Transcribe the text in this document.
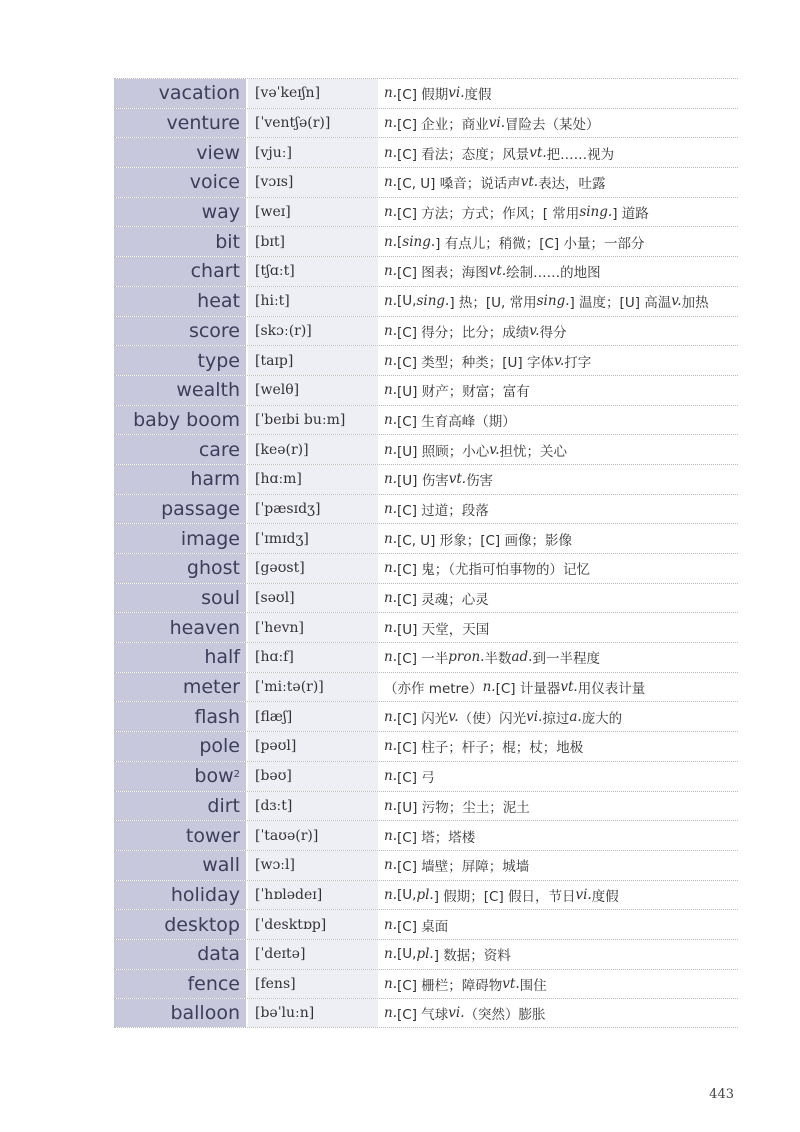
vacation	[vəˈkeɪʃn]	n. [C] 假期 vi. 度假
venture	[ˈventʃə(r)]	n. [C] 企业；商业 vi. 冒险去（某处）
view	[vjuː]	n. [C] 看法；态度；风景 vt. 把……视为
voice	[vɔɪs]	n. [C, U] 嗓音；说话声 vt. 表达，吐露
way	[weɪ]	n. [C] 方法；方式；作风；[ 常用 sing. ] 道路
bit	[bɪt]	n. [ sing. ] 有点儿；稍微；[C] 小量；一部分
chart	[tʃɑːt]	n. [C] 图表；海图 vt. 绘制……的地图
heat	[hiːt]	n. [U, sing. ] 热；[U, 常用 sing. ] 温度；[U] 高温 v. 加热
score	[skɔː(r)]	n. [C] 得分；比分；成绩 v. 得分
type	[taɪp]	n. [C] 类型；种类；[U] 字体 v. 打字
wealth	[welθ]	n. [U] 财产；财富；富有
baby boom	[ˈbeɪbi buːm]	n. [C] 生育高峰（期）
care	[keə(r)]	n. [U] 照顾；小心 v. 担忧；关心
harm	[hɑːm]	n. [U] 伤害 vt. 伤害
passage	[ˈpæsɪdʒ]	n. [C] 过道；段落
image	[ˈɪmɪdʒ]	n. [C, U] 形象；[C] 画像；影像
ghost	[gəʊst]	n. [C] 鬼；（尤指可怕事物的）记忆
soul	[səʊl]	n. [C] 灵魂；心灵
heaven	[ˈhevn]	n. [U] 天堂，天国
half	[hɑːf]	n. [C] 一半 pron. 半数 ad. 到一半程度
meter	[ˈmiːtə(r)]	（亦作 metre） n. [C] 计量器 vt. 用仪表计量
flash	[flæʃ]	n. [C] 闪光 v. （使）闪光 vi. 掠过 a. 庞大的
pole	[pəʊl]	n. [C] 柱子；杆子；棍；杖；地极
bow$^2$	[bəʊ]	n. [C] 弓
dirt	[dɜːt]	n. [U] 污物；尘土；泥土
tower	[ˈtaʊə(r)]	n. [C] 塔；塔楼
wall	[wɔːl]	n. [C] 墙壁；屏障；城墙
holiday	[ˈhɒlədeɪ]	n. [U, pl. ] 假期；[C] 假日，节日 vi. 度假
desktop	[ˈdesktɒp]	n. [C] 桌面
data	[ˈdeɪtə]	n. [U, pl. ] 数据；资料
fence	[fens]	n. [C] 栅栏；障碍物 vt. 围住
balloon	[bəˈluːn]	n. [C] 气球 vi. （突然）膨胀
443
